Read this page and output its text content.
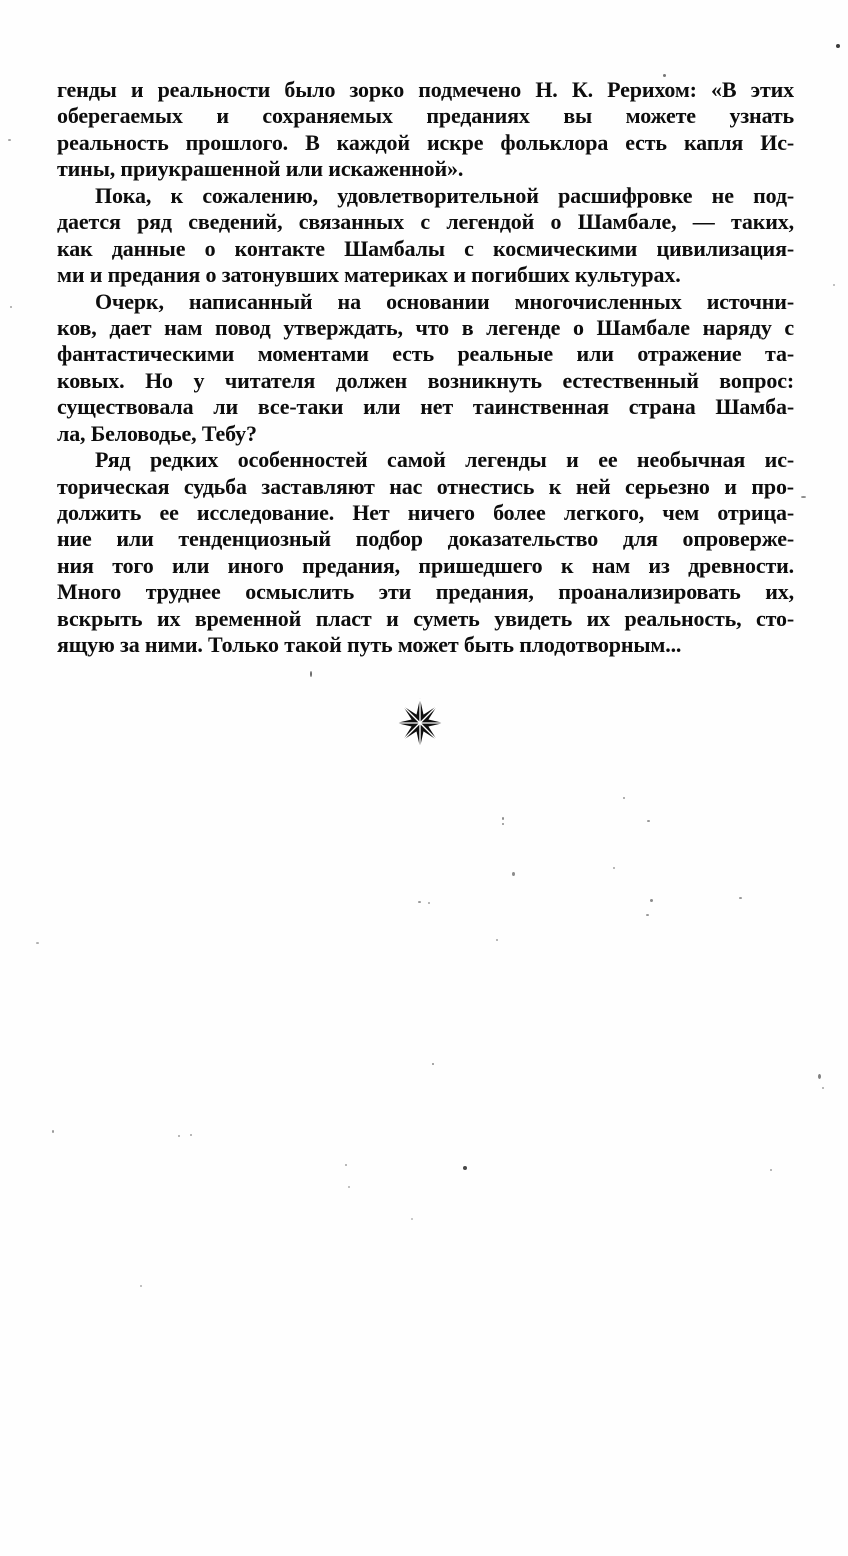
генды и реальности было зорко подмечено Н. К. Рерихом: «В этих
оберегаемых и сохраняемых преданиях вы можете узнать
реальность прошлого. В каждой искре фольклора есть капля Ис-
тины, приукрашенной или искаженной».
Пока, к сожалению, удовлетворительной расшифровке не под-
дается ряд сведений, связанных с легендой о Шамбале, — таких,
как данные о контакте Шамбалы с космическими цивилизация-
ми и предания о затонувших материках и погибших культурах.
Очерк, написанный на основании многочисленных источни-
ков, дает нам повод утверждать, что в легенде о Шамбале наряду с
фантастическими моментами есть реальные или отражение та-
ковых. Но у читателя должен возникнуть естественный вопрос:
существовала ли все-таки или нет таинственная страна Шамба-
ла, Беловодье, Тебу?
Ряд редких особенностей самой легенды и ее необычная ис-
торическая судьба заставляют нас отнестись к ней серьезно и про-
должить ее исследование. Нет ничего более легкого, чем отрица-
ние или тенденциозный подбор доказательство для опроверже-
ния того или иного предания, пришедшего к нам из древности.
Много труднее осмыслить эти предания, проанализировать их,
вскрыть их временной пласт и суметь увидеть их реальность, сто-
ящую за ними. Только такой путь может быть плодотворным...
